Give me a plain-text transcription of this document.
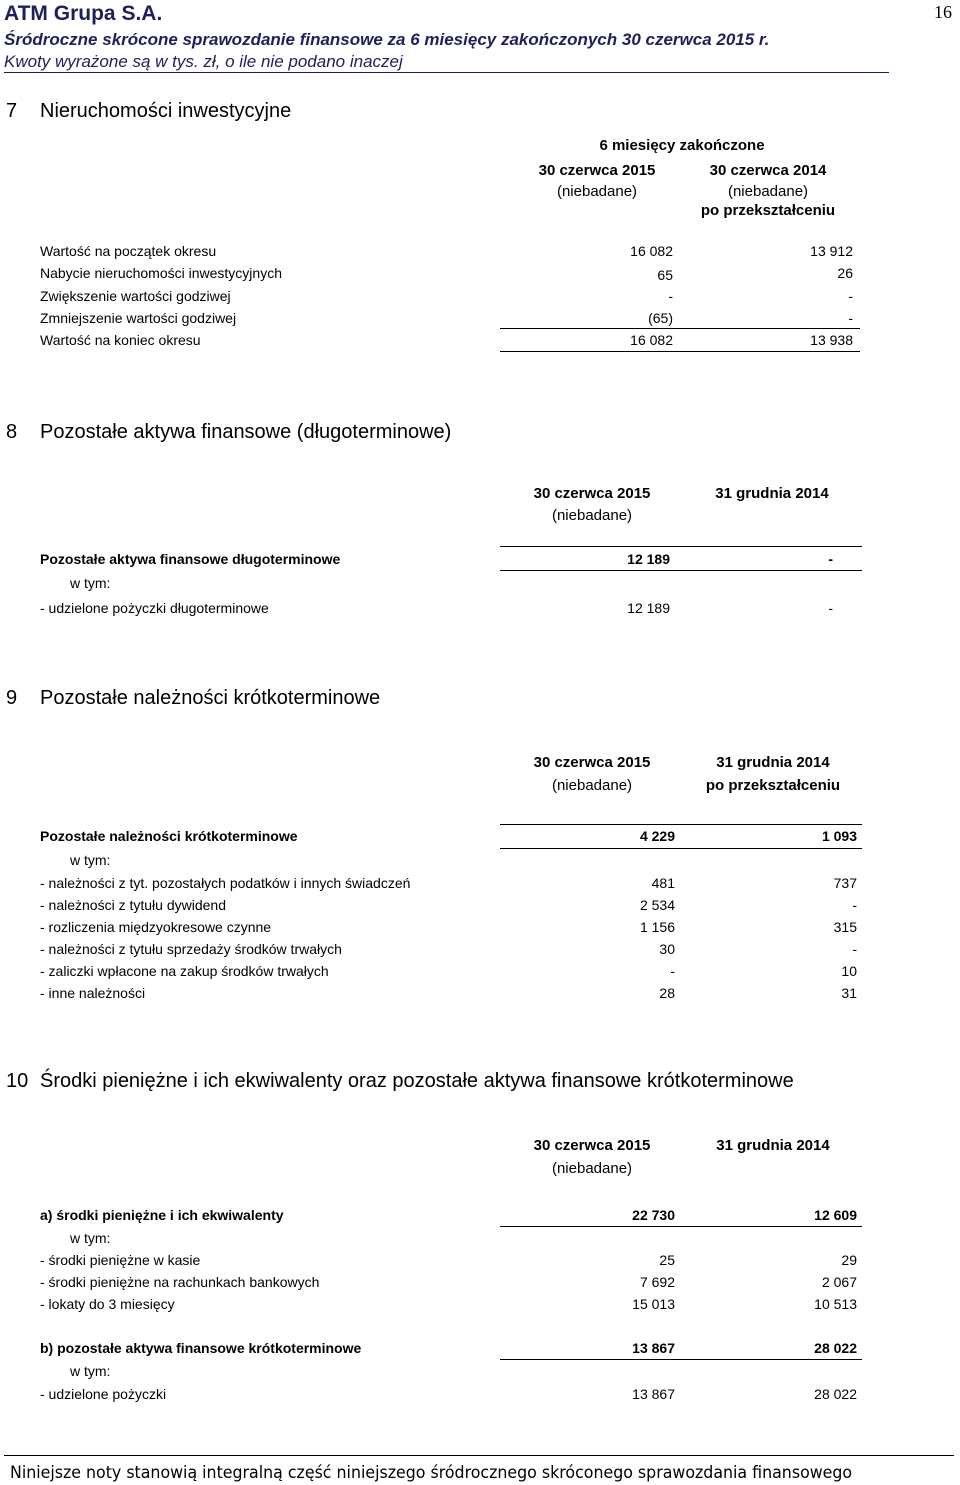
ATM Grupa S.A.
Śródroczne skrócone sprawozdanie finansowe za 6 miesięcy zakończonych 30 czerwca 2015 r.
Kwoty wyrażone są w tys. zł, o ile nie podano inaczej
16
7 Nieruchomości inwestycyjne
6 miesięcy zakończone
30 czerwca 2015
(niebadane)
30 czerwca 2014
(niebadane)
po przekształceniu
Wartość na początek okresu	16 082	13 912
Nabycie nieruchomości inwestycyjnych	65	26
Zwiększenie wartości godziwej	-	-
Zmniejszenie wartości godziwej	(65)	-
Wartość na koniec okresu	16 082	13 938
8 Pozostałe aktywa finansowe (długoterminowe)
30 czerwca 2015
(niebadane)
31 grudnia 2014
Pozostałe aktywa finansowe długoterminowe	12 189	-
w tym:
- udzielone pożyczki długoterminowe	12 189	-
9 Pozostałe należności krótkoterminowe
30 czerwca 2015
(niebadane)
31 grudnia 2014
po przekształceniu
Pozostałe należności krótkoterminowe	4 229	1 093
w tym:
- należności z tyt. pozostałych podatków i innych świadczeń	481	737
- należności z tytułu dywidend	2 534	-
- rozliczenia międzyokresowe czynne	1 156	315
- należności z tytułu sprzedaży środków trwałych	30	-
- zaliczki wpłacone na zakup środków trwałych	-	10
- inne należności	28	31
10 Środki pieniężne i ich ekwiwalenty oraz pozostałe aktywa finansowe krótkoterminowe
30 czerwca 2015
(niebadane)
31 grudnia 2014
a) środki pieniężne i ich ekwiwalenty	22 730	12 609
w tym:
- środki pieniężne w kasie	25	29
- środki pieniężne na rachunkach bankowych	7 692	2 067
- lokaty do 3 miesięcy	15 013	10 513
b) pozostałe aktywa finansowe krótkoterminowe	13 867	28 022
w tym:
- udzielone pożyczki	13 867	28 022
Niniejsze noty stanowią integralną część niniejszego śródrocznego skróconego sprawozdania finansowego
